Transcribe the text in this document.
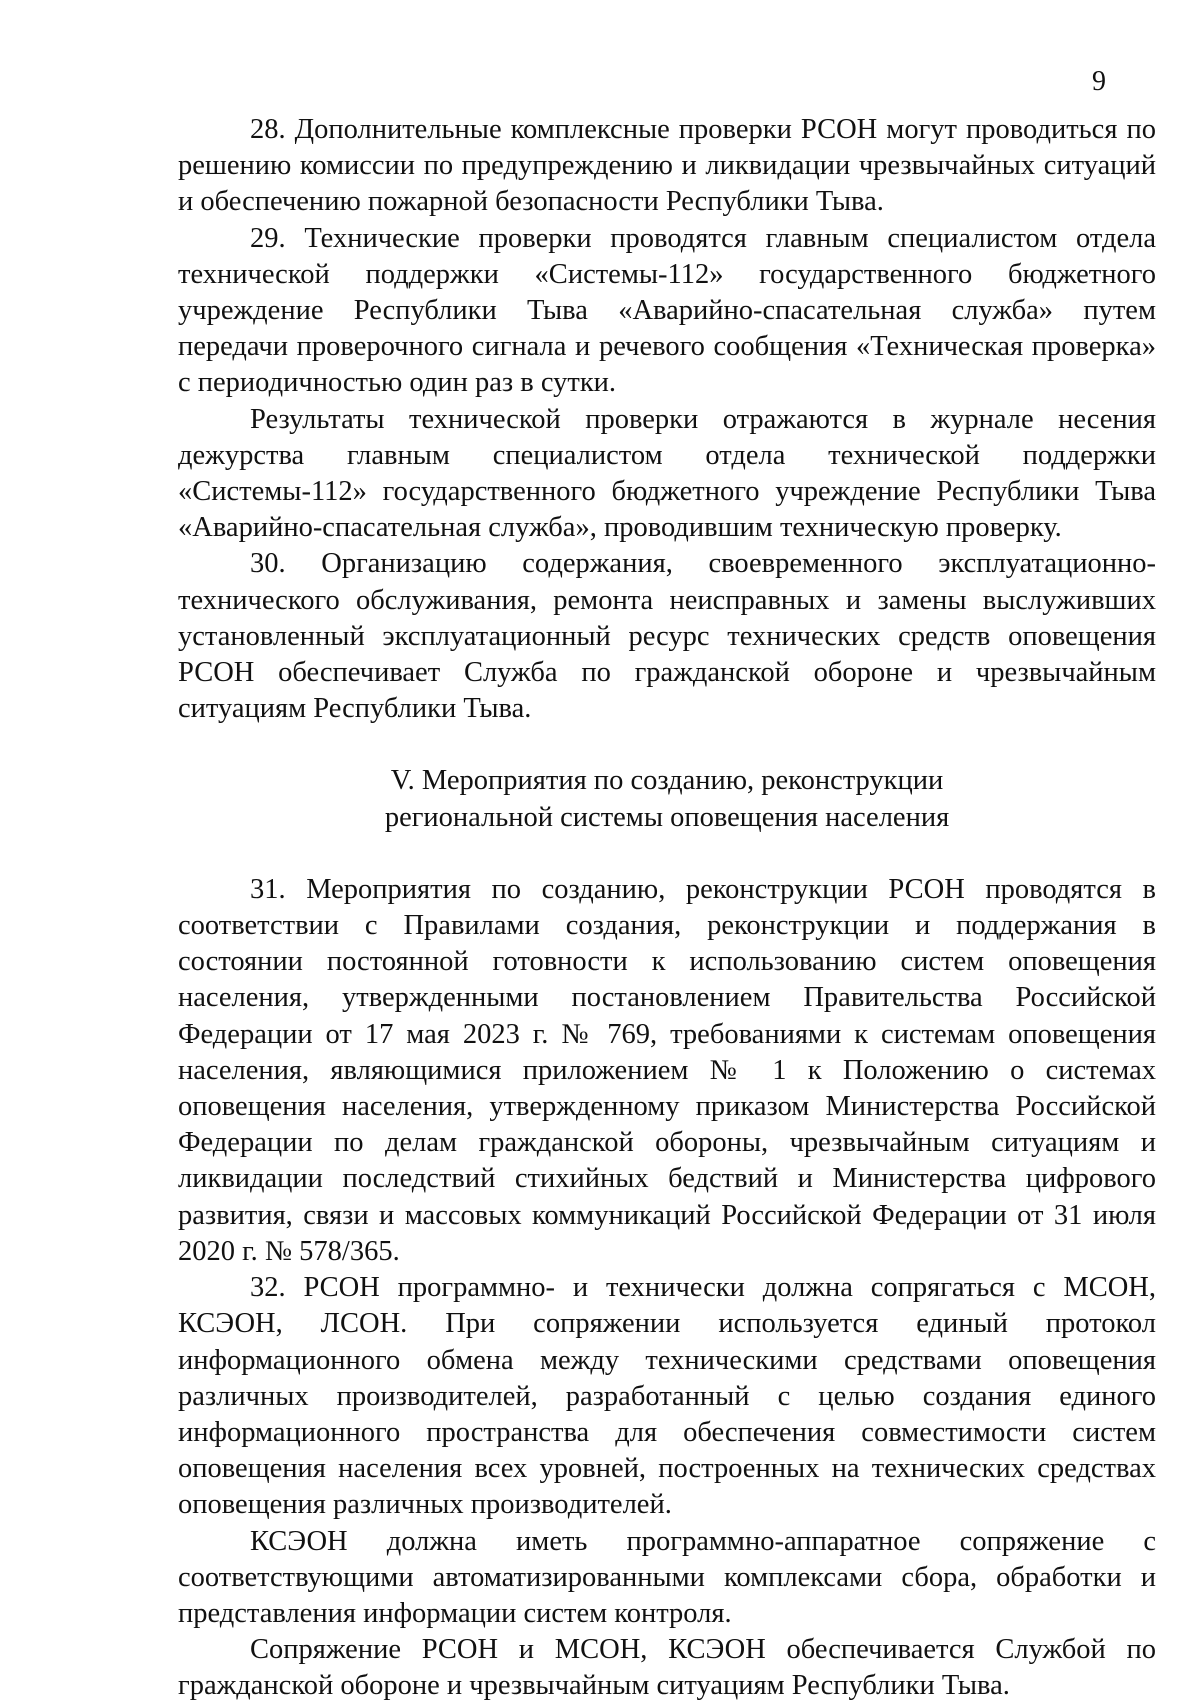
9

28. Дополнительные комплексные проверки РСОН могут проводиться по решению комиссии по предупреждению и ликвидации чрезвычайных ситуаций и обеспечению пожарной безопасности Республики Тыва.

29. Технические проверки проводятся главным специалистом отдела технической поддержки «Системы-112» государственного бюджетного учреждение Республики Тыва «Аварийно-спасательная служба» путем передачи проверочного сигнала и речевого сообщения «Техническая проверка» с периодичностью один раз в сутки.

Результаты технической проверки отражаются в журнале несения дежурства главным специалистом отдела технической поддержки «Системы-112» государственного бюджетного учреждение Республики Тыва «Аварийно-спасательная служба», проводившим техническую проверку.

30. Организацию содержания, своевременного эксплуатационно-технического обслуживания, ремонта неисправных и замены выслуживших установленный эксплуатационный ресурс технических средств оповещения РСОН обеспечивает Служба по гражданской обороне и чрезвычайным ситуациям Республики Тыва.

V. Мероприятия по созданию, реконструкции
региональной системы оповещения населения

31. Мероприятия по созданию, реконструкции РСОН проводятся в соответствии с Правилами создания, реконструкции и поддержания в состоянии постоянной готовности к использованию систем оповещения населения, утвержденными постановлением Правительства Российской Федерации от 17 мая 2023 г. № 769, требованиями к системам оповещения населения, являющимися приложением № 1 к Положению о системах оповещения населения, утвержденному приказом Министерства Российской Федерации по делам гражданской обороны, чрезвычайным ситуациям и ликвидации последствий стихийных бедствий и Министерства цифрового развития, связи и массовых коммуникаций Российской Федерации от 31 июля 2020 г. № 578/365.

32. РСОН программно- и технически должна сопрягаться с МСОН, КСЭОН, ЛСОН. При сопряжении используется единый протокол информационного обмена между техническими средствами оповещения различных производителей, разработанный с целью создания единого информационного пространства для обеспечения совместимости систем оповещения населения всех уровней, построенных на технических средствах оповещения различных производителей.

КСЭОН должна иметь программно-аппаратное сопряжение с соответствующими автоматизированными комплексами сбора, обработки и представления информации систем контроля.

Сопряжение РСОН и МСОН, КСЭОН обеспечивается Службой по гражданской обороне и чрезвычайным ситуациям Республики Тыва.
